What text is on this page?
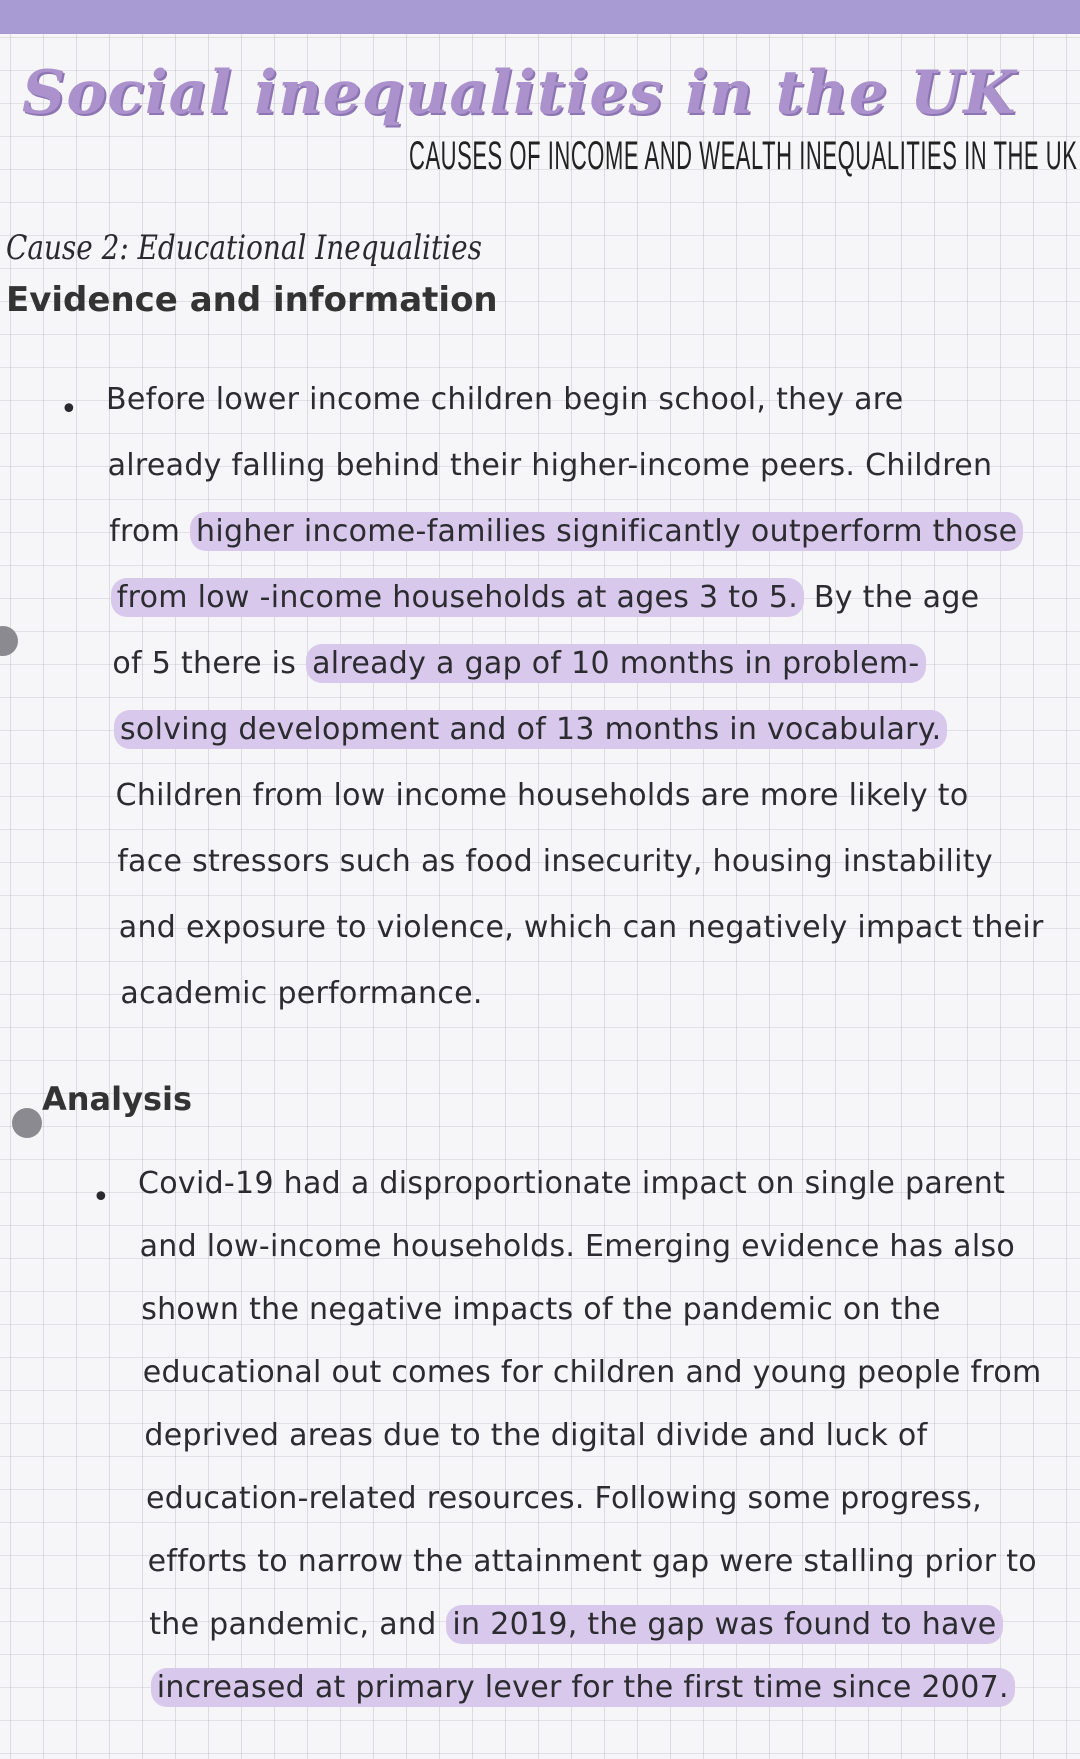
Social inequalities in the UK
CAUSES OF INCOME AND WEALTH INEQUALITIES IN THE UK
Cause 2: Educational Inequalities
Evidence and information
• Before lower income children begin school, they are
already falling behind their higher-income peers. Children
from higher income-families significantly outperform those
from low -income households at ages 3 to 5. By the age
of 5 there is already a gap of 10 months in problem-
solving development and of 13 months in vocabulary.
Children from low income households are more likely to
face stressors such as food insecurity, housing instability
and exposure to violence, which can negatively impact their
academic performance.
Analysis
• Covid-19 had a disproportionate impact on single parent
and low-income households. Emerging evidence has also
shown the negative impacts of the pandemic on the
educational out comes for children and young people from
deprived areas due to the digital divide and luck of
education-related resources. Following some progress,
efforts to narrow the attainment gap were stalling prior to
the pandemic, and in 2019, the gap was found to have
increased at primary lever for the first time since 2007.
